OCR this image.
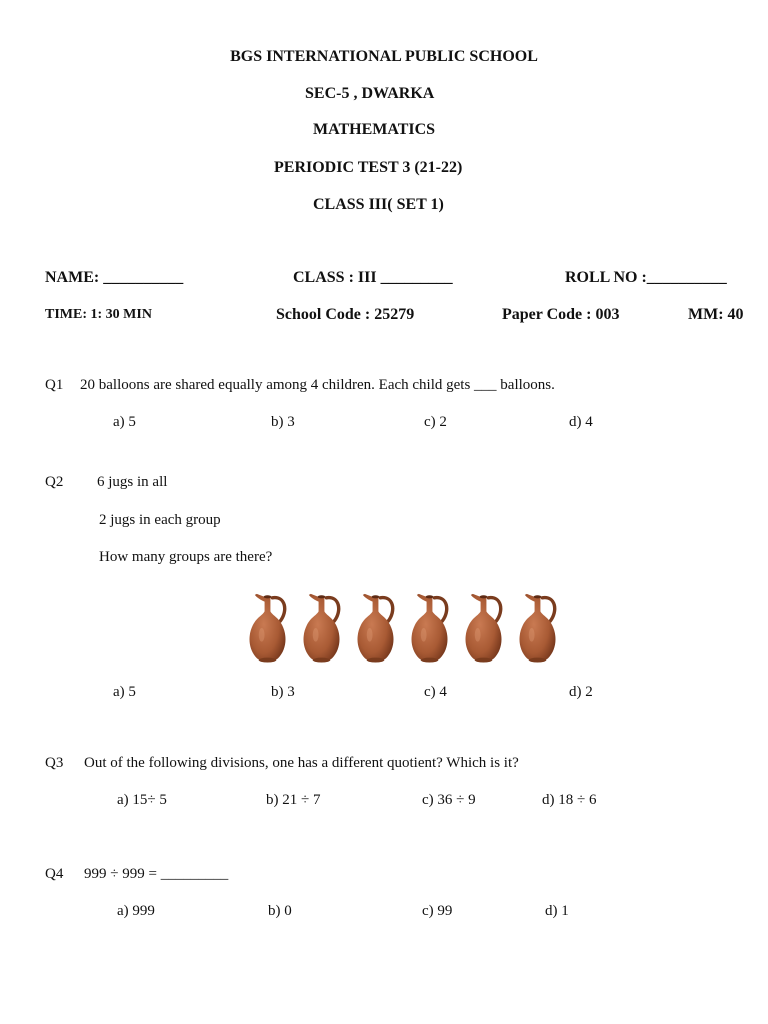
BGS INTERNATIONAL PUBLIC SCHOOL
SEC-5 , DWARKA
MATHEMATICS
PERIODIC TEST 3 (21-22)
CLASS III( SET 1)
NAME: __________	CLASS : III _________	ROLL NO :__________
TIME: 1: 30 MIN	School Code : 25279	Paper Code : 003	MM: 40
Q1 20 balloons are shared equally among 4 children. Each child gets ___ balloons.
a) 5	b) 3	c) 2	d) 4
Q2 6 jugs in all
2 jugs in each group
How many groups are there?
a) 5	b) 3	c) 4	d) 2
Q3 Out of the following divisions, one has a different quotient? Which is it?
a) 15÷ 5	b) 21 ÷ 7	c) 36 ÷ 9	d) 18 ÷ 6
Q4 999 ÷ 999 = _________
a) 999	b) 0	c) 99	d) 1
